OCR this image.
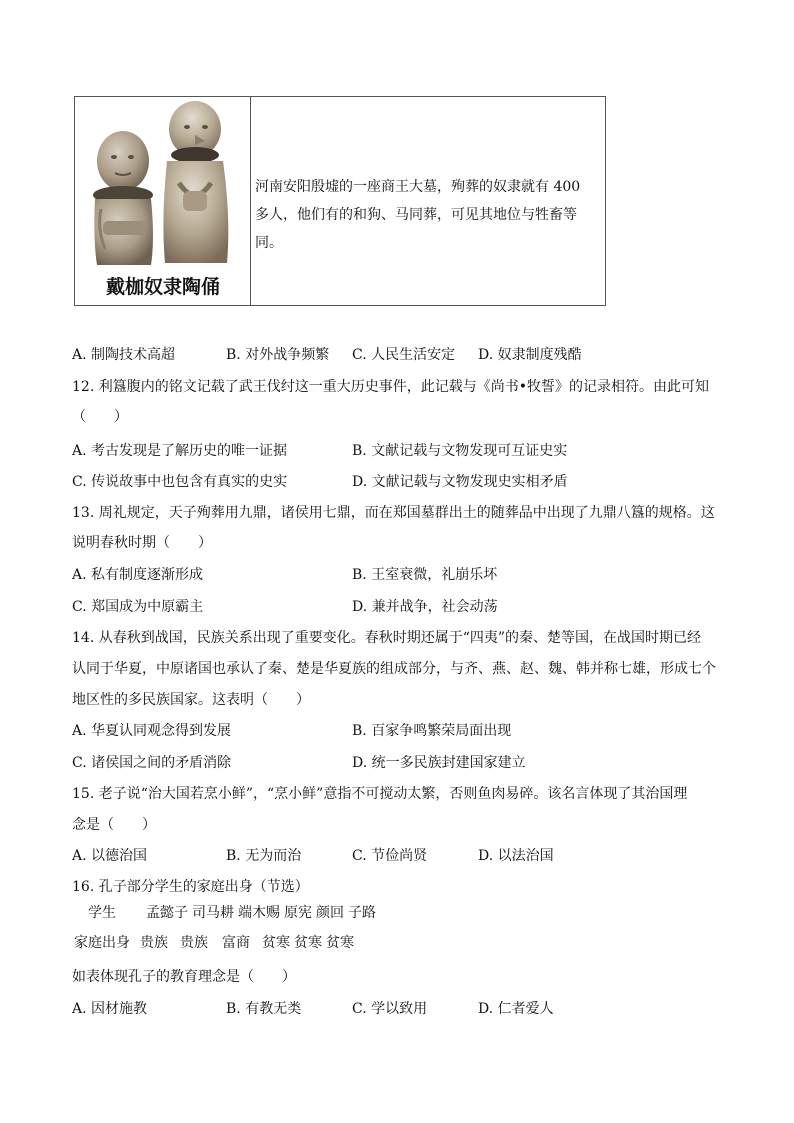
戴枷奴隶陶俑
河南安阳殷墟的一座商王大墓，殉葬的奴隶就有 400 多人，他们有的和狗、马同葬，可见其地位与牲畜等同。
A. 制陶技术高超	B. 对外战争频繁 C. 人民生活安定 D. 奴隶制度残酷
12. 利簋腹内的铭文记载了武王伐纣这一重大历史事件，此记载与《尚书•牧誓》的记录相符。由此可知
（　　）
A. 考古发现是了解历史的唯一证据	B. 文献记载与文物发现可互证史实
C. 传说故事中也包含有真实的史实	D. 文献记载与文物发现史实相矛盾
13. 周礼规定，天子殉葬用九鼎，诸侯用七鼎，而在郑国墓群出土的随葬品中出现了九鼎八簋的规格。这
说明春秋时期（　　）
A. 私有制度逐渐形成	B. 王室衰微，礼崩乐坏
C. 郑国成为中原霸主	D. 兼并战争，社会动荡
14. 从春秋到战国，民族关系出现了重要变化。春秋时期还属于“四夷”的秦、楚等国，在战国时期已经
认同于华夏，中原诸国也承认了秦、楚是华夏族的组成部分，与齐、燕、赵、魏、韩并称七雄，形成七个
地区性的多民族国家。这表明（　　）
A. 华夏认同观念得到发展	B. 百家争鸣繁荣局面出现
C. 诸侯国之间的矛盾消除	D. 统一多民族封建国家建立
15. 老子说“治大国若烹小鲜”，“烹小鲜”意指不可搅动太繁，否则鱼肉易碎。该名言体现了其治国理
念是（　　）
A. 以德治国	B. 无为而治	C. 节俭尚贤	D. 以法治国
16. 孔子部分学生的家庭出身（节选）
学生 孟懿子 司马耕 端木赐 原宪 颜回 子路
家庭出身 贵族 贵族 富商 贫寒 贫寒 贫寒
如表体现孔子的教育理念是（　　）
A. 因材施教	B. 有教无类	C. 学以致用	D. 仁者爱人
